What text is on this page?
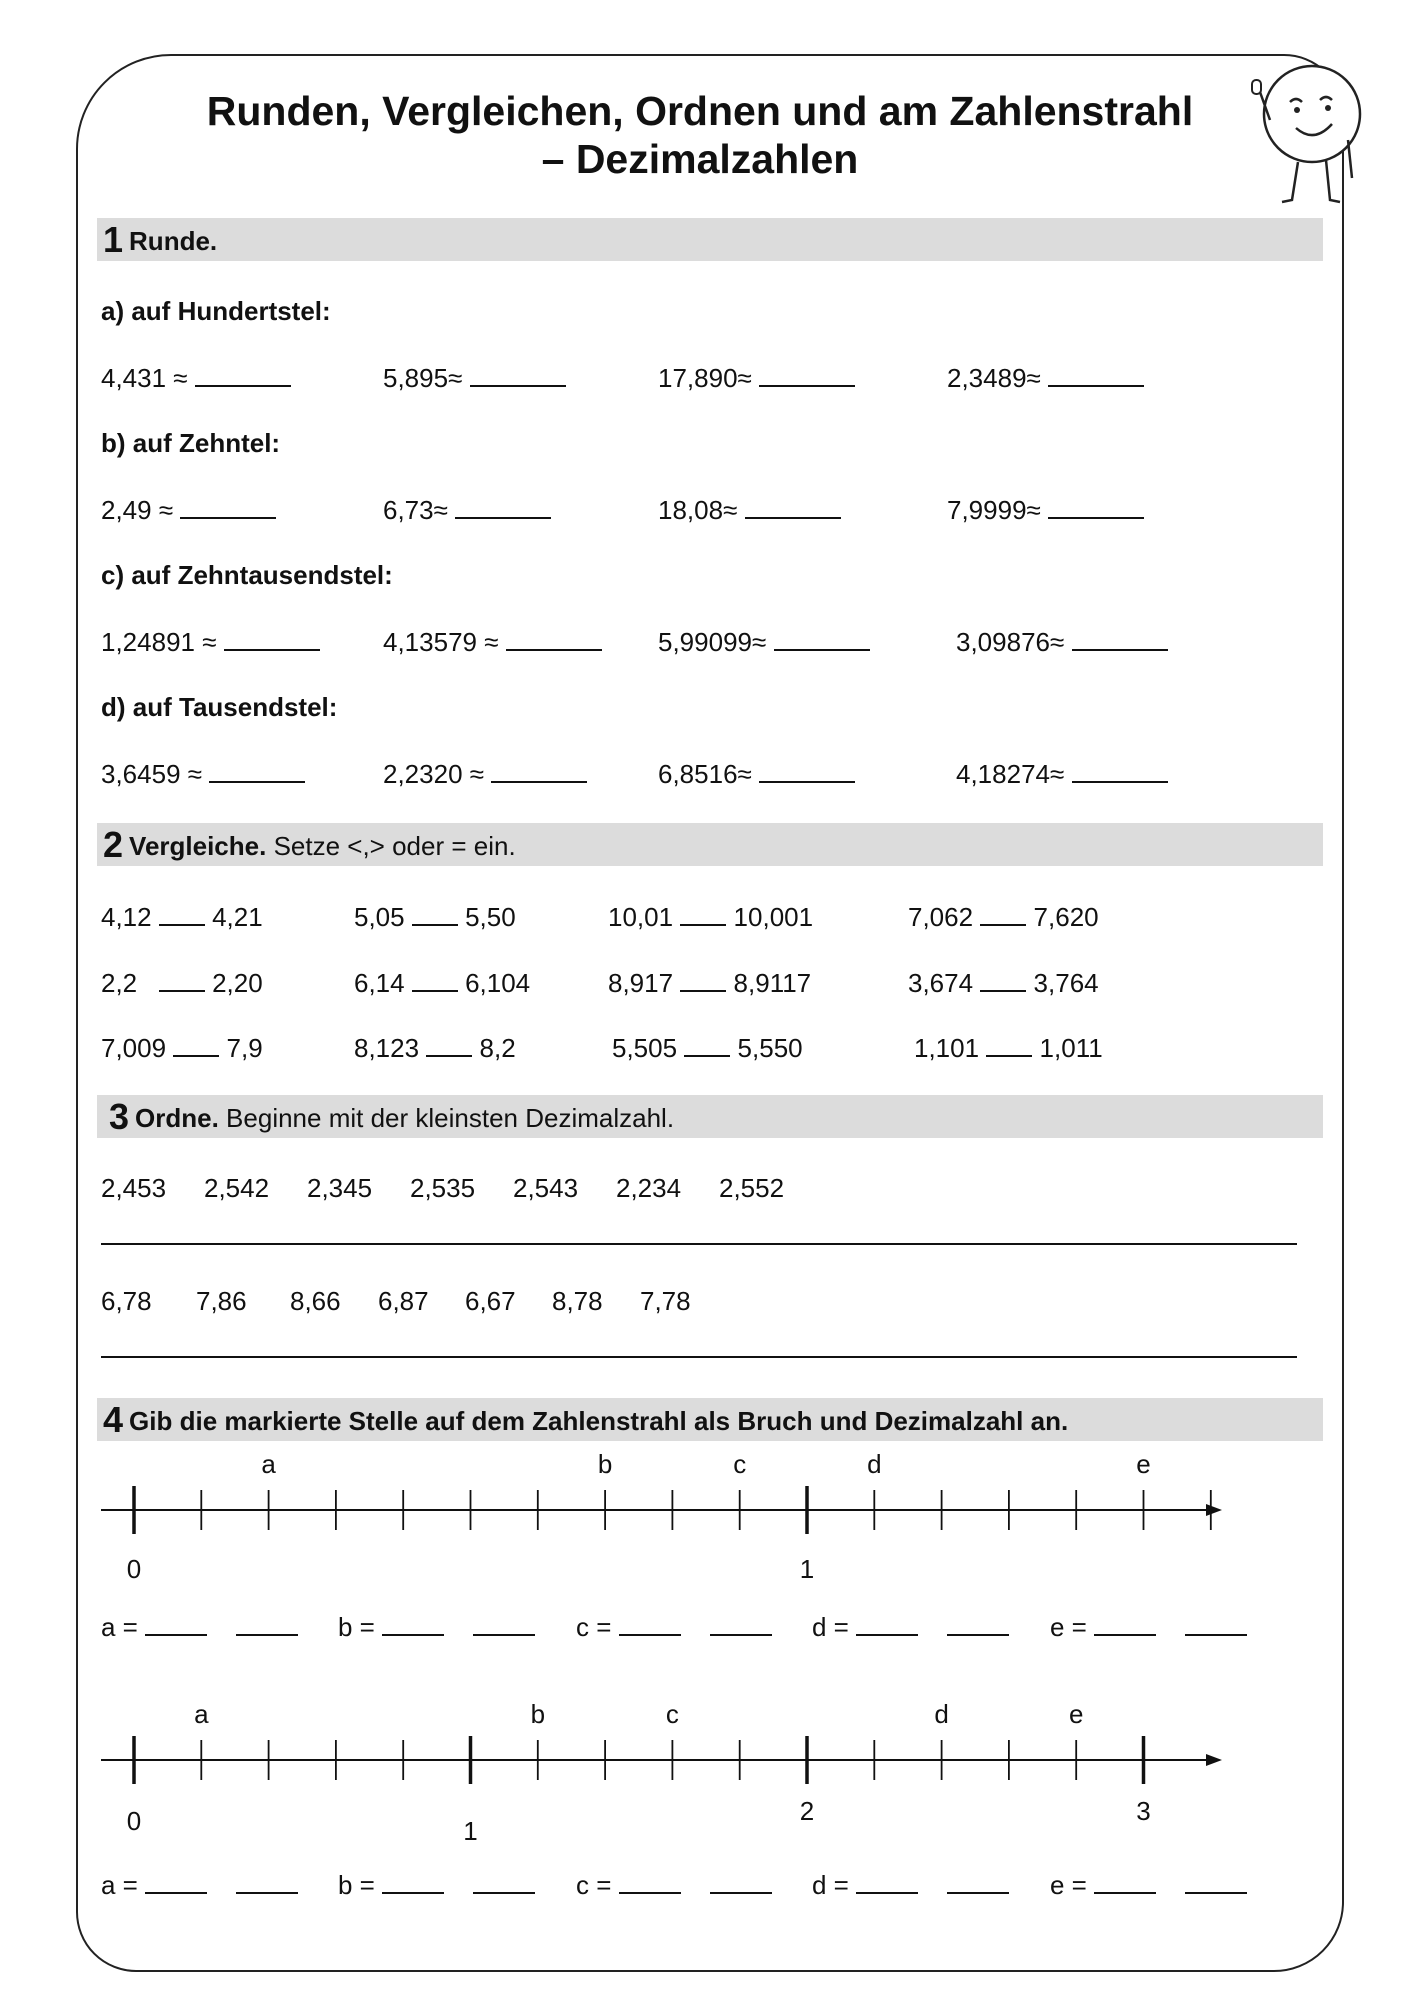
Runden, Vergleichen, Ordnen und am Zahlenstrahl
– Dezimalzahlen
1 Runde.
a) auf Hundertstel:
4,431 ≈	5,895≈	17,890≈	2,3489≈
b) auf Zehntel:
2,49 ≈	6,73≈	18,08≈	7,9999≈
c) auf Zehntausendstel:
1,24891 ≈	4,13579 ≈	5,99099≈	3,09876≈
d) auf Tausendstel:
3,6459 ≈	2,2320 ≈	6,8516≈	4,18274≈
2 Vergleiche. Setze <,> oder = ein.
4,12 4,21	5,05 5,50	10,01 10,001	7,062 7,620
2,2	2,20	6,14 6,104	8,917 8,9117	3,674 3,764
7,009 7,9	8,123 8,2	5,505 5,550	1,101 1,011
3 Ordne. Beginne mit der kleinsten Dezimalzahl.
2,453 2,542 2,345 2,535 2,543 2,234 2,552
6,78 7,86 8,66 6,87 6,67 8,78 7,78
4 Gib die markierte Stelle auf dem Zahlenstrahl als Bruch und Dezimalzahl an.
0	1
a	b	c	d	e
0	1
2	3
a	b	c	d	e
a =	b =	c =	d =	e =
a =	b =	c =	d =	e =
